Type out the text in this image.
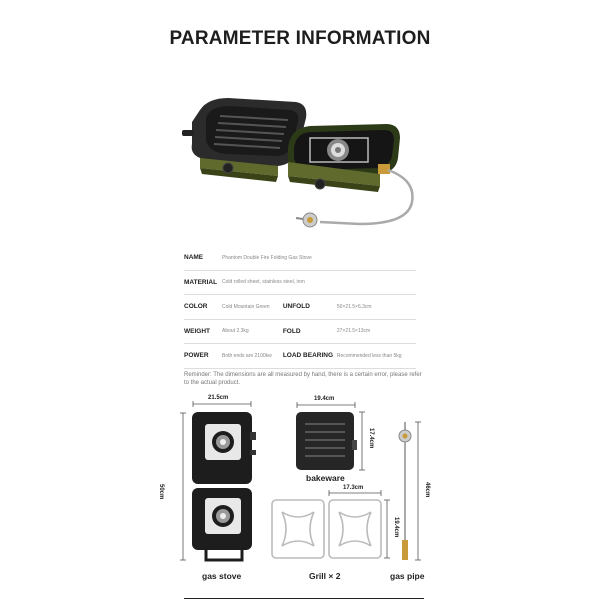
PARAMETER INFORMATION
NAME	Phantom Double Fire Folding Gas Stove		
MATERIAL	Cold rolled sheet, stainless steel, iron		
COLOR	Cold Mountain Green	UNFOLD	50×21.5×6.3cm
WEIGHT	About 2.3kg	FOLD	27×21.5×13cm
POWER	Both ends are 2100kw	LOAD BEARING	Recommended less than 5kg
Reminder: The dimensions are all measured by hand, there is a certain error, please refer to the actual product.
21.5cm
50cm
19.4cm
17.4cm
17.3cm
19.4cm
46cm
gas stove
bakeware
Grill × 2	gas pipe
